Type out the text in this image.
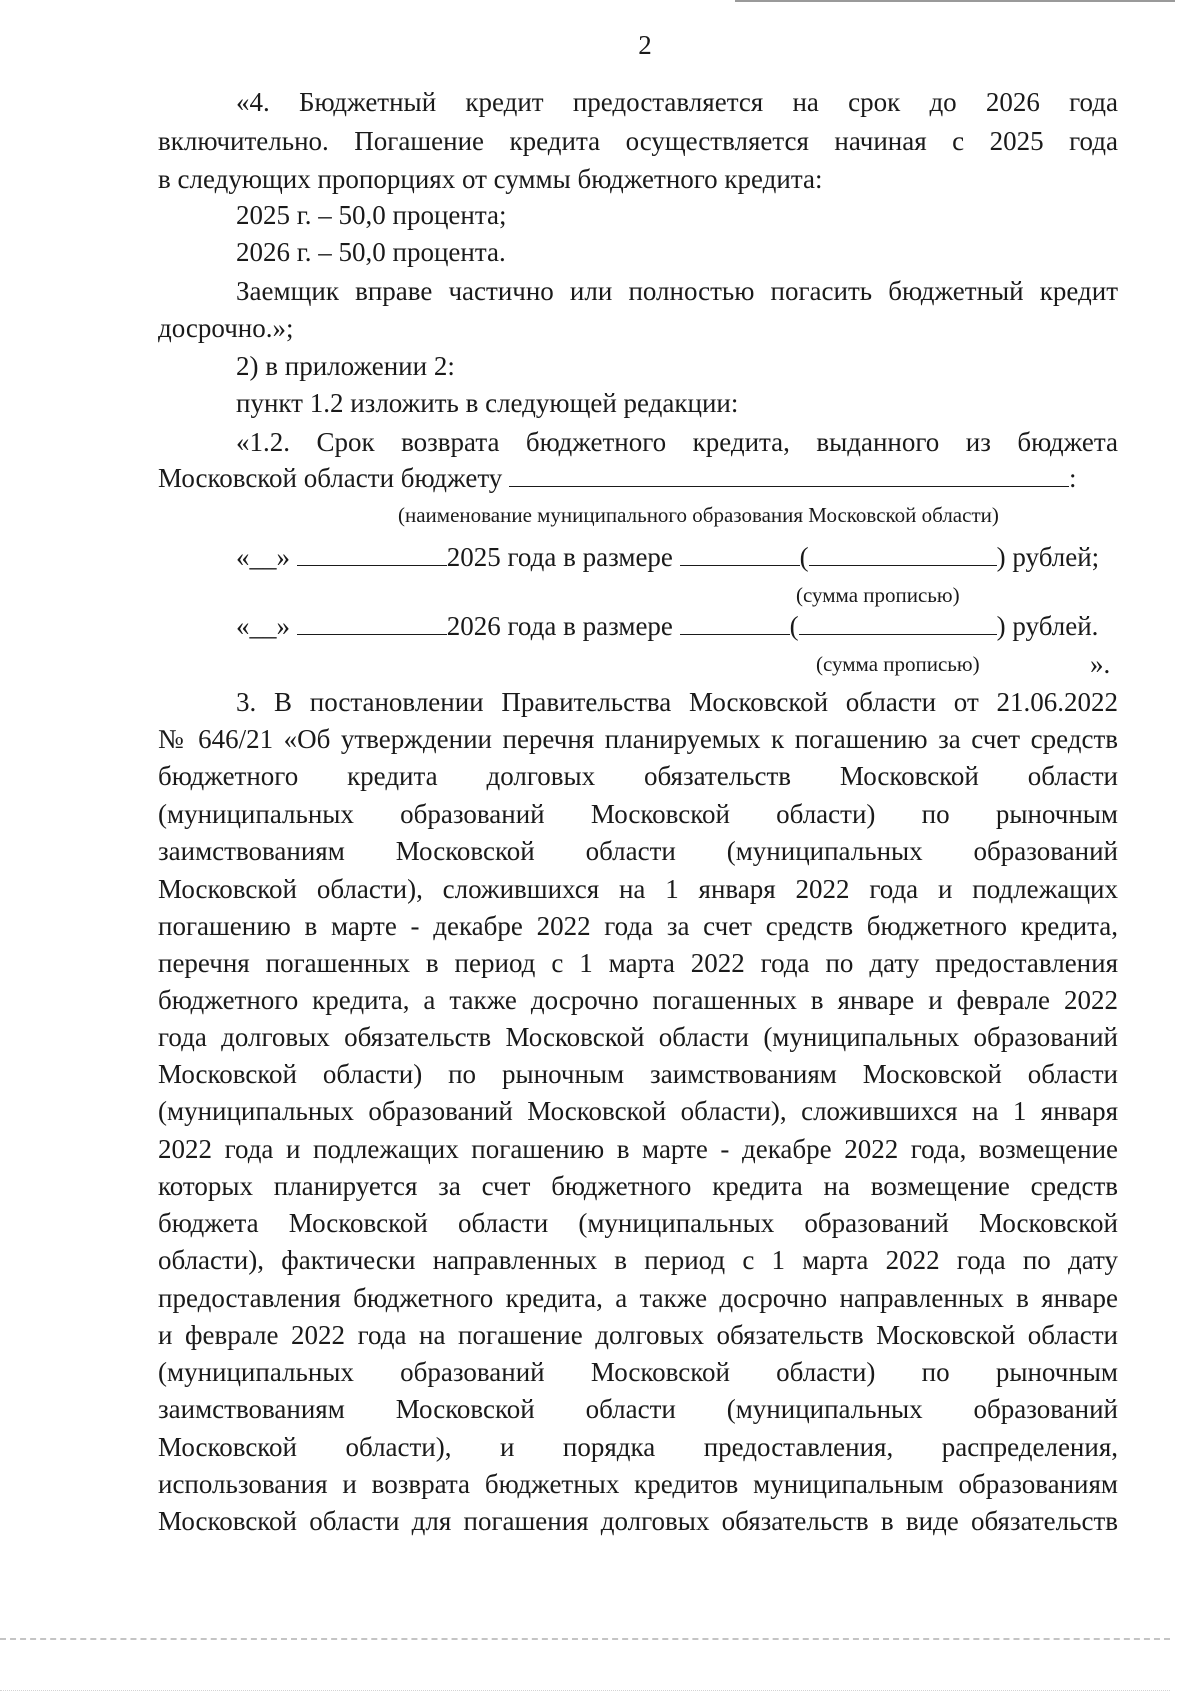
2
«4. Бюджетный кредит предоставляется на срок до 2026 года
включительно. Погашение кредита осуществляется начиная с 2025 года
в следующих пропорциях от суммы бюджетного кредита:
2025 г. – 50,0 процента;
2026 г. – 50,0 процента.
Заемщик вправе частично или полностью погасить бюджетный кредит
досрочно.»;
2) в приложении 2:
пункт 1.2 изложить в следующей редакции:
«1.2. Срок возврата бюджетного кредита, выданного из бюджета
Московской области бюджету	:
(наименование муниципального образования Московской области)
«__»	2025 года в размере	(	) рублей;
(сумма прописью)
«__»	2026 года в размере	(	) рублей.
(сумма прописью)	».
3. В постановлении Правительства Московской области от 21.06.2022
№ 646/21 «Об утверждении перечня планируемых к погашению за счет средств
бюджетного кредита долговых обязательств Московской области
(муниципальных образований Московской области) по рыночным
заимствованиям Московской области (муниципальных образований
Московской области), сложившихся на 1 января 2022 года и подлежащих
погашению в марте - декабре 2022 года за счет средств бюджетного кредита,
перечня погашенных в период с 1 марта 2022 года по дату предоставления
бюджетного кредита, а также досрочно погашенных в январе и феврале 2022
года долговых обязательств Московской области (муниципальных образований
Московской области) по рыночным заимствованиям Московской области
(муниципальных образований Московской области), сложившихся на 1 января
2022 года и подлежащих погашению в марте - декабре 2022 года, возмещение
которых планируется за счет бюджетного кредита на возмещение средств
бюджета Московской области (муниципальных образований Московской
области), фактически направленных в период с 1 марта 2022 года по дату
предоставления бюджетного кредита, а также досрочно направленных в январе
и феврале 2022 года на погашение долговых обязательств Московской области
(муниципальных образований Московской области) по рыночным
заимствованиям Московской области (муниципальных образований
Московской области), и порядка предоставления, распределения,
использования и возврата бюджетных кредитов муниципальным образованиям
Московской области для погашения долговых обязательств в виде обязательств
